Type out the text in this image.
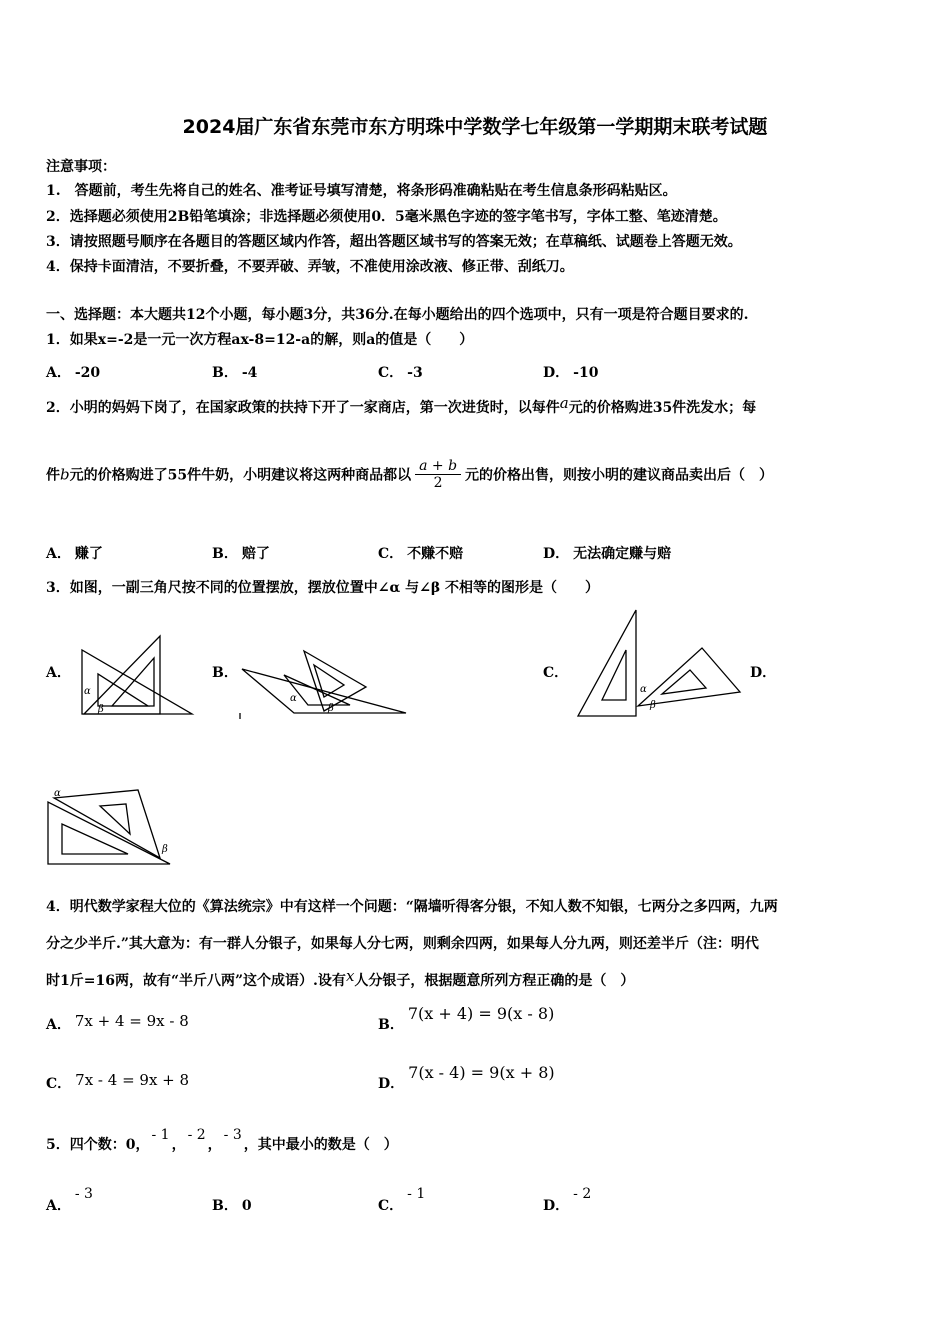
2024届广东省东莞市东方明珠中学数学七年级第一学期期末联考试题
注意事项：
1.　答题前，考生先将自己的姓名、准考证号填写清楚，将条形码准确粘贴在考生信息条形码粘贴区。
2．选择题必须使用2B铅笔填涂；非选择题必须使用0．5毫米黑色字迹的签字笔书写，字体工整、笔迹清楚。
3．请按照题号顺序在各题目的答题区域内作答，超出答题区域书写的答案无效；在草稿纸、试题卷上答题无效。
4．保持卡面清洁，不要折叠，不要弄破、弄皱，不准使用涂改液、修正带、刮纸刀。
一、选择题：本大题共12个小题，每小题3分，共36分.在每小题给出的四个选项中，只有一项是符合题目要求的.
1．如果x=-2是一元一次方程ax-8=12-a的解，则a的值是（　　）
A． -20	B． -4	C． -3	D． -10
2．小明的妈妈下岗了，在国家政策的扶持下开了一家商店，第一次进货时，以每件a元的价格购进35件洗发水；每
件b元的价格购进了55件牛奶，小明建议将这两种商品都以 $\frac{a + b}{2}$ 元的价格出售，则按小明的建议商品卖出后（　）
A． 赚了	B． 赔了	C． 不赚不赔	D． 无法确定赚与赔
3．如图，一副三角尺按不同的位置摆放，摆放位置中∠α 与∠β 不相等的图形是（　　）
A．	B．	C．	D．
α
β
α
β
α
β
α
β
4．明代数学家程大位的《算法统宗》中有这样一个问题：“隔墙听得客分银，不知人数不知银，七两分之多四两，九两
分之少半斤.”其大意为：有一群人分银子，如果每人分七两，则剩余四两，如果每人分九两，则还差半斤（注：明代
时1斤=16两，故有“半斤八两”这个成语）.设有x人分银子，根据题意所列方程正确的是（　）
A． 7x + 4 = 9x - 8	B．7(x + 4) = 9(x - 8)
C． 7x - 4 = 9x + 8	D．7(x - 4) = 9(x + 8)
5．四个数：0，- 1，- 2，- 3，其中最小的数是（　）
A．- 3
B． 0	C．- 1
D．- 2
